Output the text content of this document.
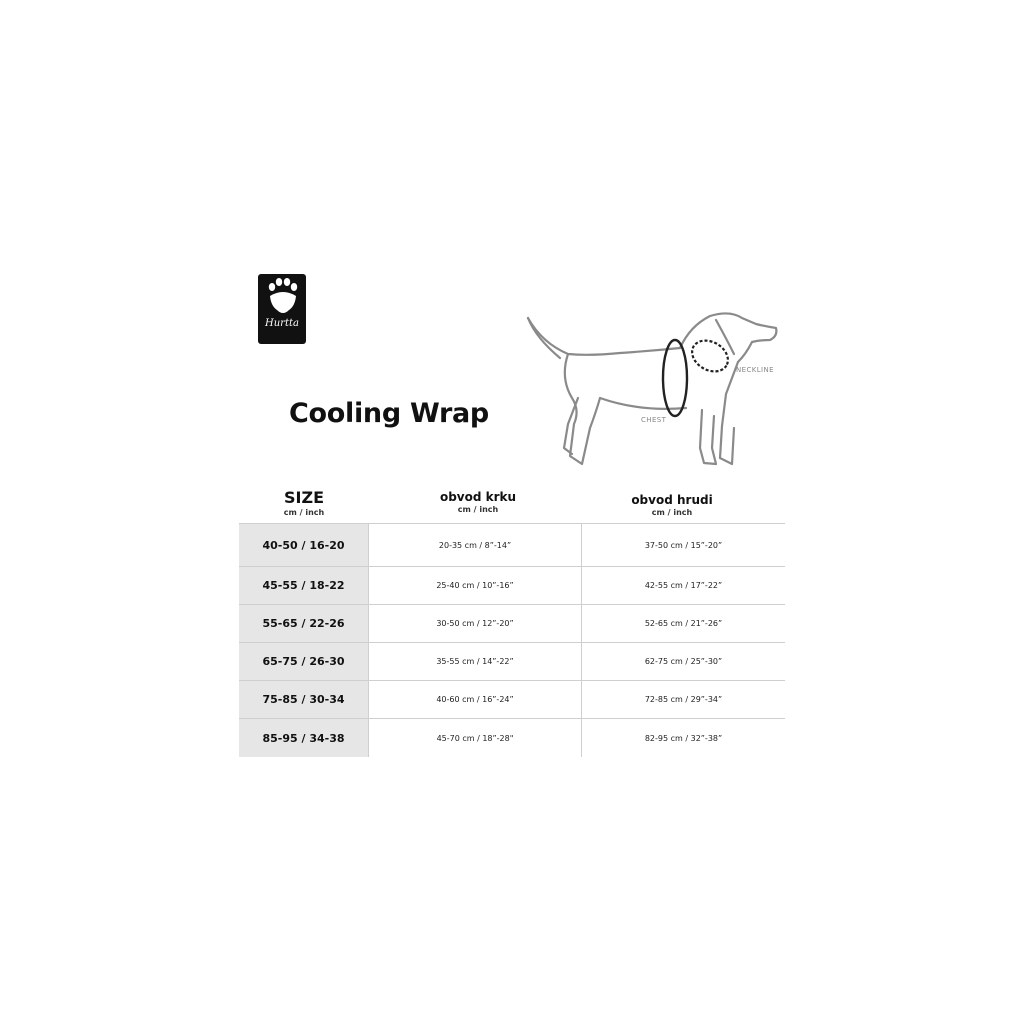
Hurtta
Cooling Wrap
NECKLINE
CHEST
SIZE
cm / inch
obvod krku
cm / inch
obvod hrudi
cm / inch
40-50 / 16-20	20-35 cm / 8”-14”	37-50 cm / 15”-20”
45-55 / 18-22	25-40 cm / 10”-16”	42-55 cm / 17”-22”
55-65 / 22-26	30-50 cm / 12”-20”	52-65 cm / 21”-26”
65-75 / 26-30	35-55 cm / 14”-22”	62-75 cm / 25”-30”
75-85 / 30-34	40-60 cm / 16”-24”	72-85 cm / 29”-34”
85-95 / 34-38	45-70 cm / 18”-28"	82-95 cm / 32”-38”
